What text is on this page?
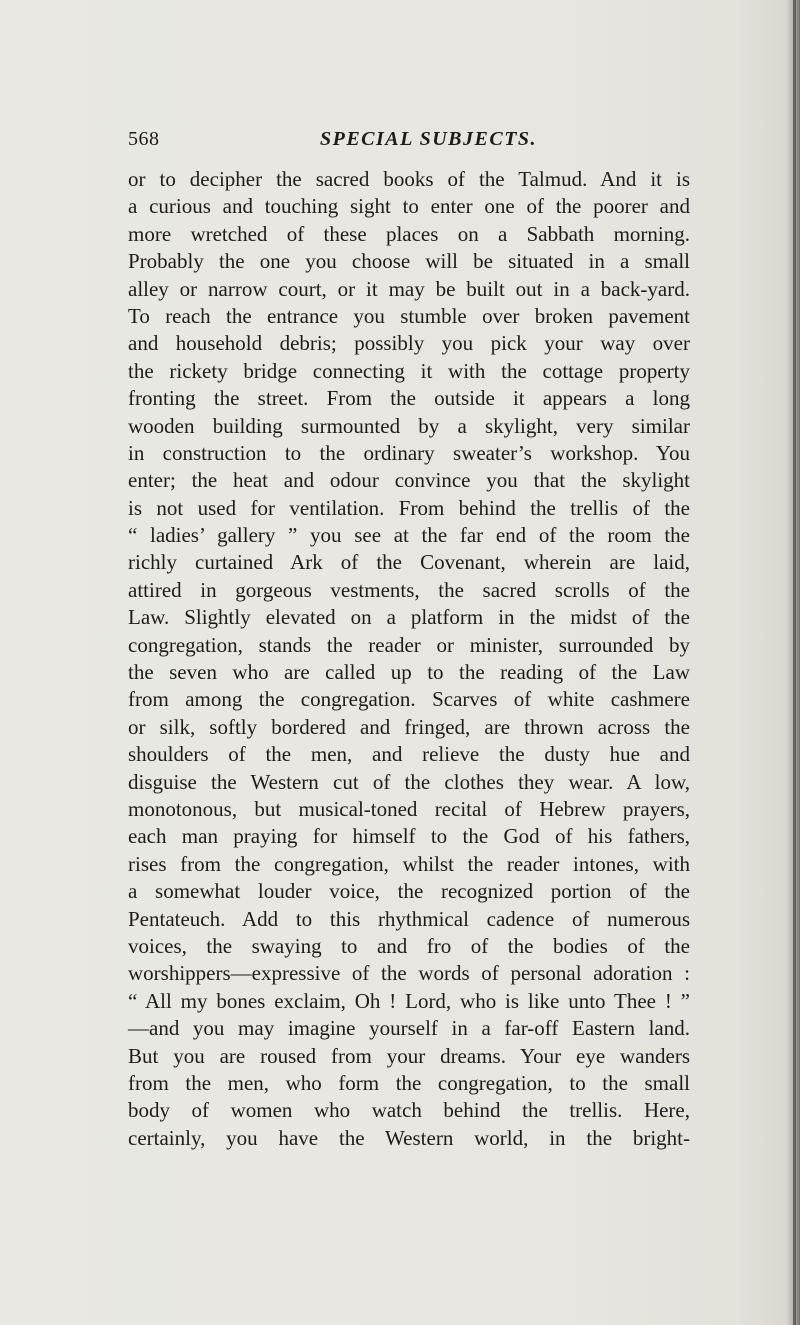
568	SPECIAL SUBJECTS.
or to decipher the sacred books of the Talmud. And it is
a curious and touching sight to enter one of the poorer and
more wretched of these places on a Sabbath morning.
Probably the one you choose will be situated in a small
alley or narrow court, or it may be built out in a back-yard.
To reach the entrance you stumble over broken pavement
and household debris; possibly you pick your way over
the rickety bridge connecting it with the cottage property
fronting the street. From the outside it appears a long
wooden building surmounted by a skylight, very similar
in construction to the ordinary sweater’s workshop. You
enter; the heat and odour convince you that the skylight
is not used for ventilation. From behind the trellis of the
“ ladies’ gallery ” you see at the far end of the room the
richly curtained Ark of the Covenant, wherein are laid,
attired in gorgeous vestments, the sacred scrolls of the
Law. Slightly elevated on a platform in the midst of the
congregation, stands the reader or minister, surrounded by
the seven who are called up to the reading of the Law
from among the congregation. Scarves of white cashmere
or silk, softly bordered and fringed, are thrown across the
shoulders of the men, and relieve the dusty hue and
disguise the Western cut of the clothes they wear. A low,
monotonous, but musical-toned recital of Hebrew prayers,
each man praying for himself to the God of his fathers,
rises from the congregation, whilst the reader intones, with
a somewhat louder voice, the recognized portion of the
Pentateuch. Add to this rhythmical cadence of numerous
voices, the swaying to and fro of the bodies of the
worshippers—expressive of the words of personal adoration :
“ All my bones exclaim, Oh ! Lord, who is like unto Thee ! ”
—and you may imagine yourself in a far-off Eastern land.
But you are roused from your dreams. Your eye wanders
from the men, who form the congregation, to the small
body of women who watch behind the trellis. Here,
certainly, you have the Western world, in the bright-
